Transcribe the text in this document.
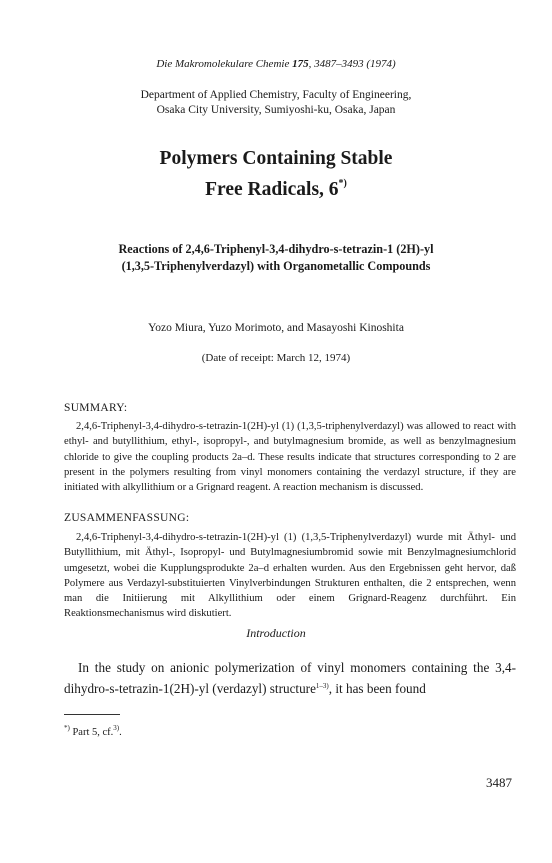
Die Makromolekulare Chemie 175, 3487–3493 (1974)
Department of Applied Chemistry, Faculty of Engineering,
Osaka City University, Sumiyoshi-ku, Osaka, Japan
Polymers Containing Stable
Free Radicals, 6*)
Reactions of 2,4,6-Triphenyl-3,4-dihydro-s-tetrazin-1 (2H)-yl
(1,3,5-Triphenylverdazyl) with Organometallic Compounds
Yozo Miura, Yuzo Morimoto, and Masayoshi Kinoshita
(Date of receipt: March 12, 1974)
SUMMARY:
2,4,6-Triphenyl-3,4-dihydro-s-tetrazin-1(2H)-yl (1) (1,3,5-triphenylverdazyl) was allowed to react with ethyl- and butyllithium, ethyl-, isopropyl-, and butylmagnesium bromide, as well as benzylmagnesium chloride to give the coupling products 2a–d. These results indicate that structures corresponding to 2 are present in the polymers resulting from vinyl monomers containing the verdazyl structure, if they are initiated with alkyllithium or a Grignard reagent. A reaction mechanism is discussed.
ZUSAMMENFASSUNG:
2,4,6-Triphenyl-3,4-dihydro-s-tetrazin-1(2H)-yl (1) (1,3,5-Triphenylverdazyl) wurde mit Äthyl- und Butyllithium, mit Äthyl-, Isopropyl- und Butylmagnesiumbromid sowie mit Benzylmagnesiumchlorid umgesetzt, wobei die Kupplungsprodukte 2a–d erhalten wurden. Aus den Ergebnissen geht hervor, daß Polymere aus Verdazyl-substituierten Vinylverbindungen Strukturen enthalten, die 2 entsprechen, wenn man die Initiierung mit Alkyllithium oder einem Grignard-Reagenz durchführt. Ein Reaktionsmechanismus wird diskutiert.
Introduction
In the study on anionic polymerization of vinyl monomers containing the 3,4-dihydro-s-tetrazin-1(2H)-yl (verdazyl) structure$^{1-3)}$, it has been found
*) Part 5, cf.$^{3)}$.
3487
